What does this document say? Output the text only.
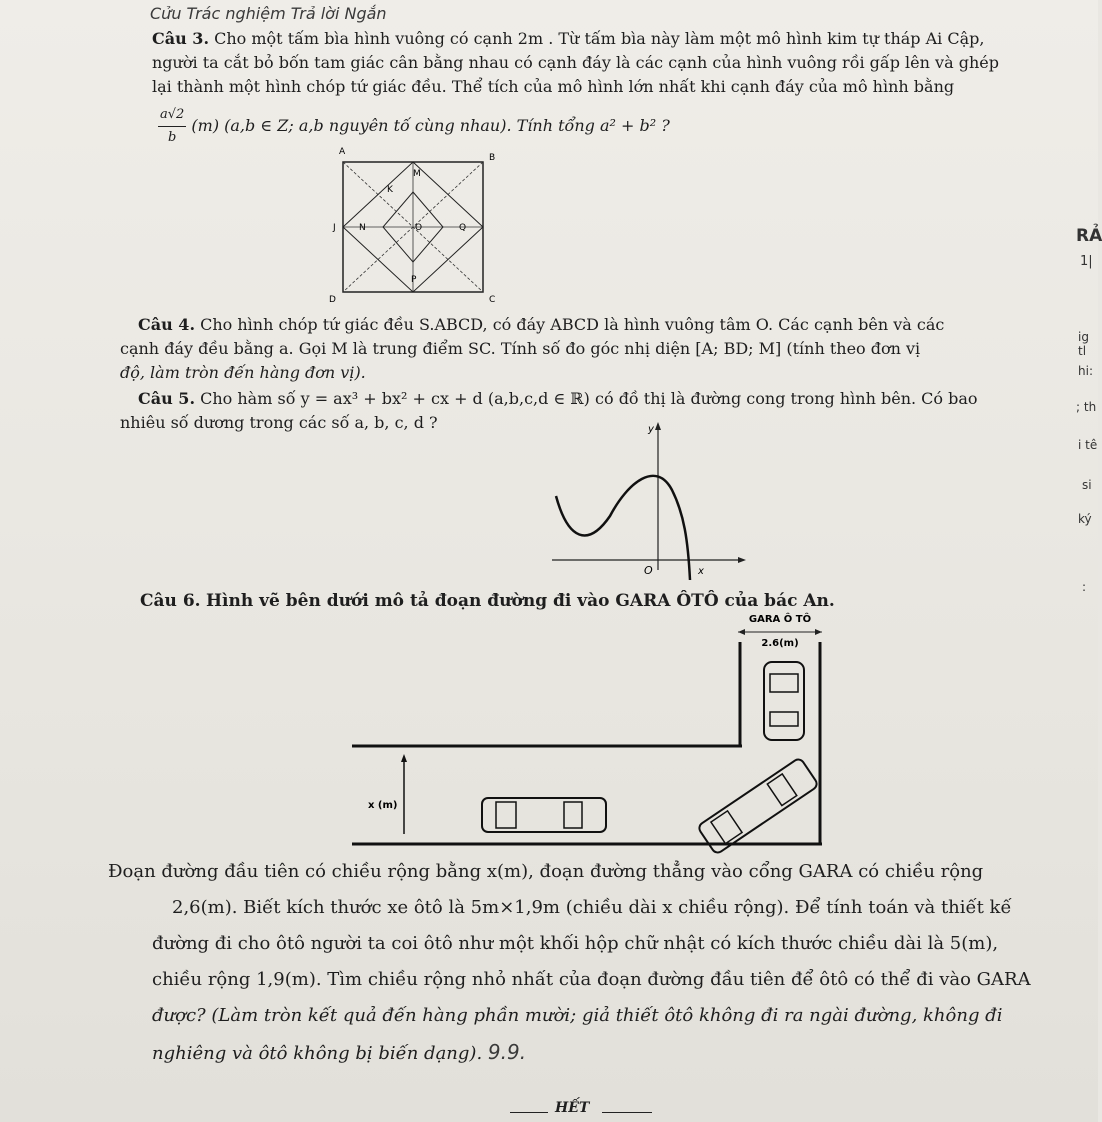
Cửu Trác nghiệm Trả lời Ngắn
Câu 3. Cho một tấm bìa hình vuông có cạnh 2m . Từ tấm bìa này làm một mô hình kim tự tháp Ai Cập,
người ta cắt bỏ bốn tam giác cân bằng nhau có cạnh đáy là các cạnh của hình vuông rồi gấp lên và ghép
lại thành một hình chóp tứ giác đều. Thể tích của mô hình lớn nhất khi cạnh đáy của mô hình bằng
$\frac{a√2}{b} (m)$ (a,b ∈ Z; a,b nguyên tố cùng nhau). Tính tổng a² + b² ?
A
M
B
K
N	O	Q
J
P
D	C
Câu 4. Cho hình chóp tứ giác đều S.ABCD, có đáy ABCD là hình vuông tâm O. Các cạnh bên và các
cạnh đáy đều bằng a. Gọi M là trung điểm SC. Tính số đo góc nhị diện [A; BD; M] (tính theo đơn vị
độ, làm tròn đến hàng đơn vị).
Câu 5. Cho hàm số y = ax³ + bx² + cx + d (a,b,c,d ∈ ℝ) có đồ thị là đường cong trong hình bên. Có bao
nhiêu số dương trong các số a, b, c, d ?	y
O	x
Câu 6. Hình vẽ bên dưới mô tả đoạn đường đi vào GARA ÔTÔ của bác An.
GARA Ô TÔ
2.6(m)
x (m)
Đoạn đường đầu tiên có chiều rộng bằng x(m), đoạn đường thẳng vào cổng GARA có chiều rộng
2,6(m). Biết kích thước xe ôtô là 5m×1,9m (chiều dài x chiều rộng). Để tính toán và thiết kế
đường đi cho ôtô người ta coi ôtô như một khối hộp chữ nhật có kích thước chiều dài là 5(m),
chiều rộng 1,9(m). Tìm chiều rộng nhỏ nhất của đoạn đường đầu tiên để ôtô có thể đi vào GARA
được? (Làm tròn kết quả đến hàng phần mười; giả thiết ôtô không đi ra ngài đường, không đi
nghiêng và ôtô không bị biến dạng). 9.9.
HẾT
RẢ
1|
ig tl
hi:
; th
i tê
si
ký
:
